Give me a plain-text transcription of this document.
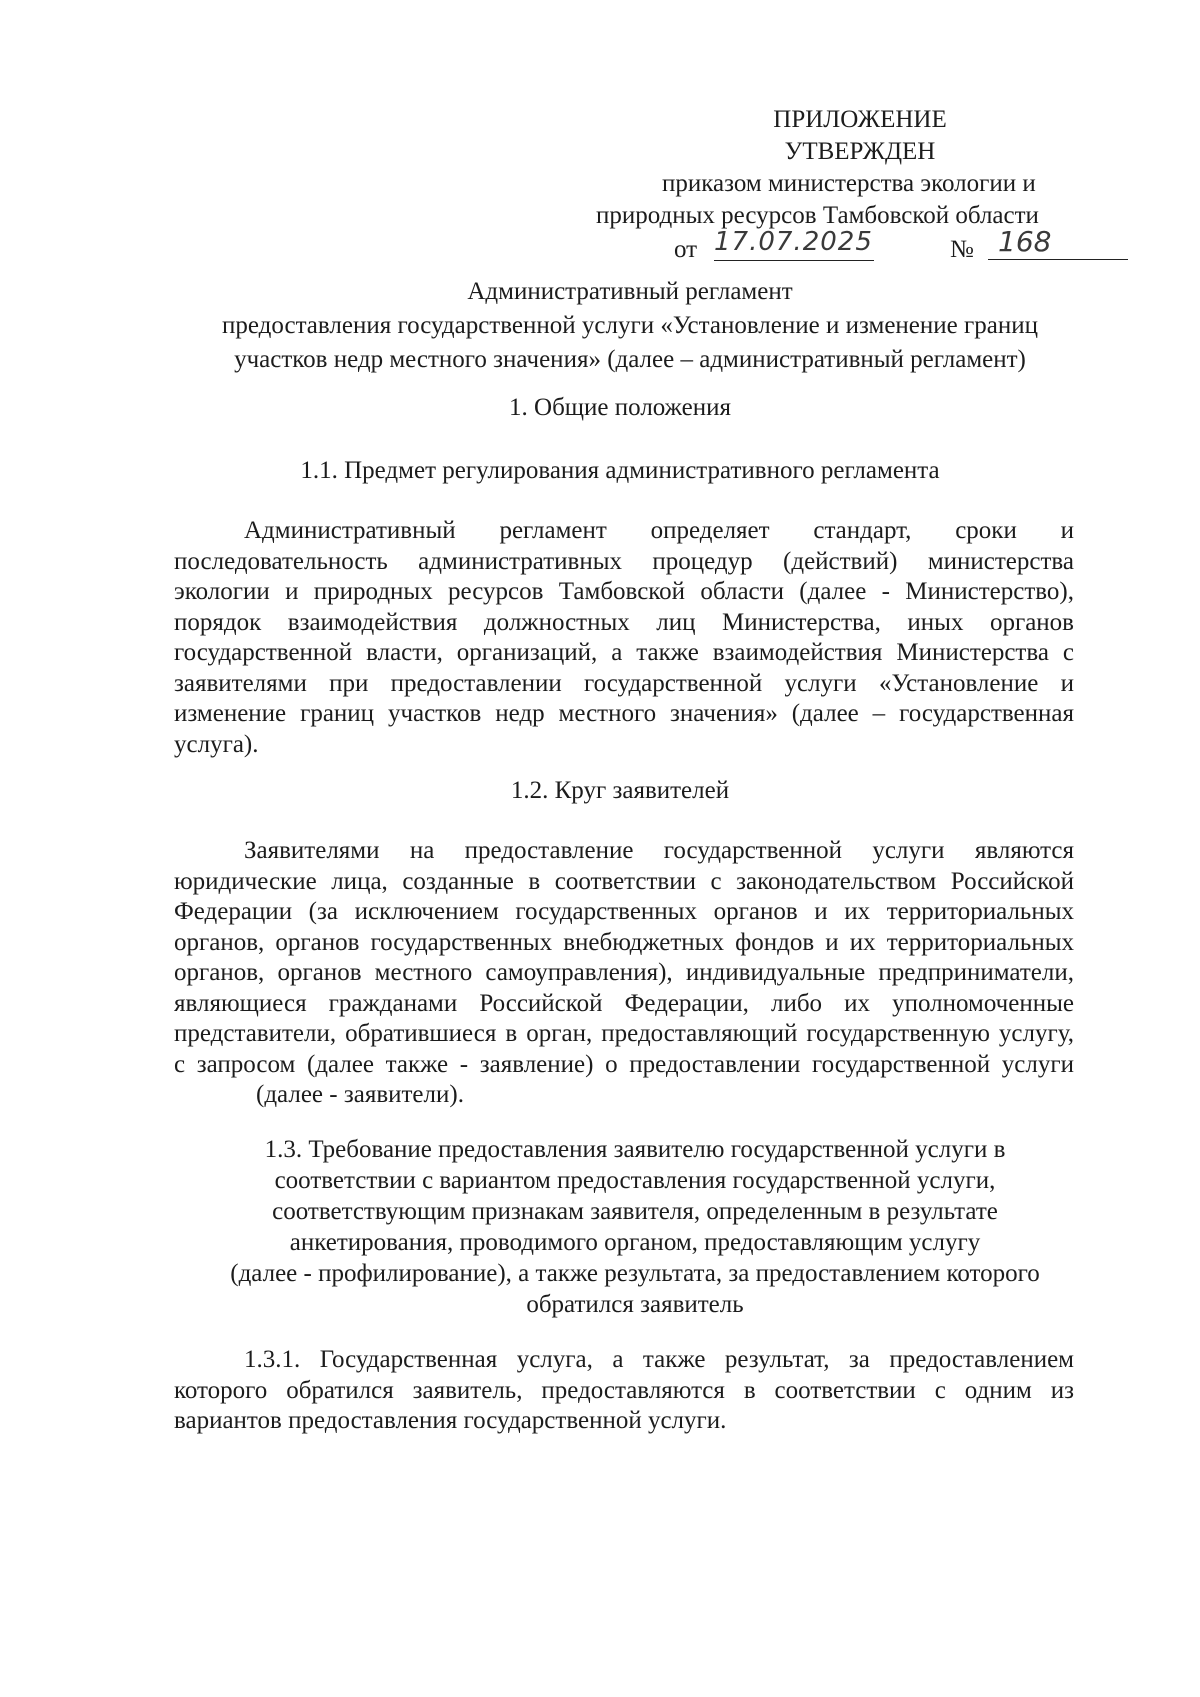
ПРИЛОЖЕНИЕ
УТВЕРЖДЕН
приказом министерства экологии и
природных ресурсов Тамбовской области
от 17.07.2025	№ 168
Административный регламент
предоставления государственной услуги «Установление и изменение границ
участков недр местного значения» (далее – административный регламент)
1. Общие положения
1.1. Предмет регулирования административного регламента
Административный регламент определяет стандарт, сроки и последовательность административных процедур (действий) министерства экологии и природных ресурсов Тамбовской области (далее - Министерство), порядок взаимодействия должностных лиц Министерства, иных органов государственной власти, организаций, а также взаимодействия Министерства с заявителями при предоставлении государственной услуги «Установление и изменение границ участков недр местного значения» (далее – государственная услуга).
1.2. Круг заявителей
Заявителями на предоставление государственной услуги являются юридические лица, созданные в соответствии с законодательством Российской Федерации (за исключением государственных органов и их территориальных органов, органов государственных внебюджетных фондов и их территориальных органов, органов местного самоуправления), индивидуальные предприниматели, являющиеся гражданами Российской Федерации, либо их уполномоченные представители, обратившиеся в орган, предоставляющий государственную услугу, с запросом (далее также - заявление) о предоставлении государственной услуги(далее - заявители).
1.3. Требование предоставления заявителю государственной услуги в
соответствии с вариантом предоставления государственной услуги,
соответствующим признакам заявителя, определенным в результате
анкетирования, проводимого органом, предоставляющим услугу
(далее - профилирование), а также результата, за предоставлением которого
обратился заявитель
1.3.1. Государственная услуга, а также результат, за предоставлением которого обратился заявитель, предоставляются в соответствии с одним из вариантов предоставления государственной услуги.
